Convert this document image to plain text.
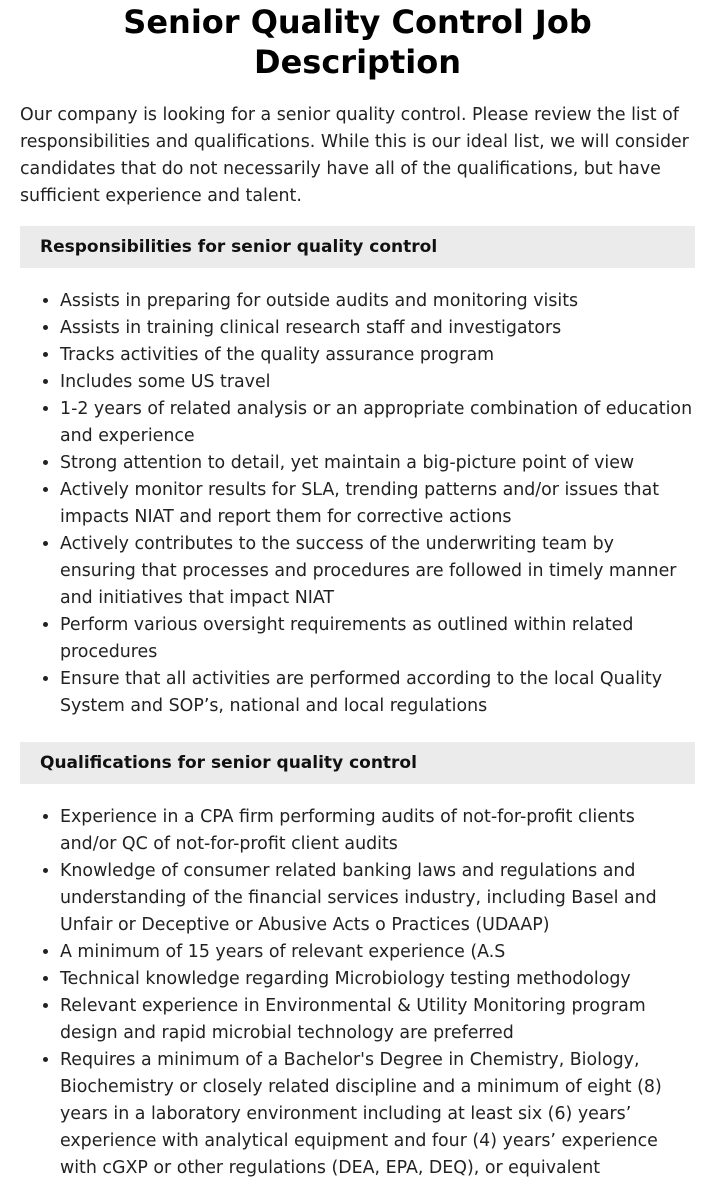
Senior Quality Control Job Description

Our company is looking for a senior quality control. Please review the list of responsibilities and qualifications. While this is our ideal list, we will consider candidates that do not necessarily have all of the qualifications, but have sufficient experience and talent.

Responsibilities for senior quality control
• Assists in preparing for outside audits and monitoring visits
• Assists in training clinical research staff and investigators
• Tracks activities of the quality assurance program
• Includes some US travel
• 1-2 years of related analysis or an appropriate combination of education and experience
• Strong attention to detail, yet maintain a big-picture point of view
• Actively monitor results for SLA, trending patterns and/or issues that impacts NIAT and report them for corrective actions
• Actively contributes to the success of the underwriting team by ensuring that processes and procedures are followed in timely manner and initiatives that impact NIAT
• Perform various oversight requirements as outlined within related procedures
• Ensure that all activities are performed according to the local Quality System and SOP’s, national and local regulations
Qualifications for senior quality control
• Experience in a CPA firm performing audits of not-for-profit clients and/or QC of not-for-profit client audits
• Knowledge of consumer related banking laws and regulations and understanding of the financial services industry, including Basel and Unfair or Deceptive or Abusive Acts o Practices (UDAAP)
• A minimum of 15 years of relevant experience (A.S
• Technical knowledge regarding Microbiology testing methodology
• Relevant experience in Environmental & Utility Monitoring program design and rapid microbial technology are preferred
• Requires a minimum of a Bachelor's Degree in Chemistry, Biology, Biochemistry or closely related discipline and a minimum of eight (8) years in a laboratory environment including at least six (6) years’ experience with analytical equipment and four (4) years’ experience with cGXP or other regulations (DEA, EPA, DEQ), or equivalent
